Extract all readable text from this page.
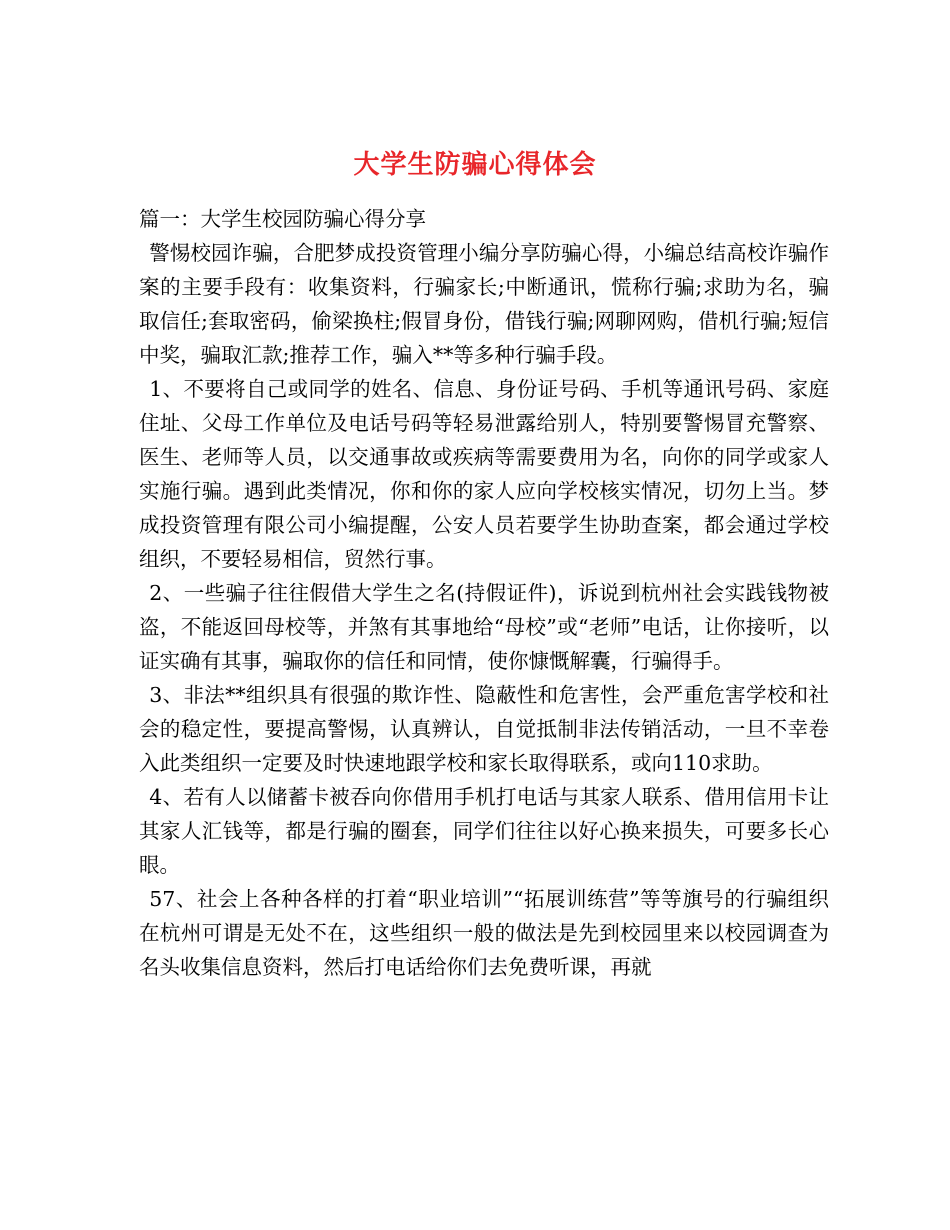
大学生防骗心得体会

篇一：大学生校园防骗心得分享

警惕校园诈骗，合肥梦成投资管理小编分享防骗心得，小编总结高校诈骗作案的主要手段有：收集资料，行骗家长;中断通讯，慌称行骗;求助为名，骗取信任;套取密码，偷梁换柱;假冒身份，借钱行骗;网聊网购，借机行骗;短信中奖，骗取汇款;推荐工作，骗入**等多种行骗手段。

1、不要将自己或同学的姓名、信息、身份证号码、手机等通讯号码、家庭住址、父母工作单位及电话号码等轻易泄露给别人，特别要警惕冒充警察、医生、老师等人员，以交通事故或疾病等需要费用为名，向你的同学或家人实施行骗。遇到此类情况，你和你的家人应向学校核实情况，切勿上当。梦成投资管理有限公司小编提醒，公安人员若要学生协助查案，都会通过学校组织，不要轻易相信，贸然行事。

2、一些骗子往往假借大学生之名(持假证件)，诉说到杭州社会实践钱物被盗，不能返回母校等，并煞有其事地给“母校”或“老师”电话，让你接听，以证实确有其事，骗取你的信任和同情，使你慷慨解囊，行骗得手。

3、非法**组织具有很强的欺诈性、隐蔽性和危害性，会严重危害学校和社会的稳定性，要提高警惕，认真辨认，自觉抵制非法传销活动，一旦不幸卷入此类组织一定要及时快速地跟学校和家长取得联系，或向110求助。

4、若有人以储蓄卡被吞向你借用手机打电话与其家人联系、借用信用卡让其家人汇钱等，都是行骗的圈套，同学们往往以好心换来损失，可要多长心眼。

57、社会上各种各样的打着“职业培训”“拓展训练营”等等旗号的行骗组织在杭州可谓是无处不在，这些组织一般的做法是先到校园里来以校园调查为名头收集信息资料，然后打电话给你们去免费听课，再就
